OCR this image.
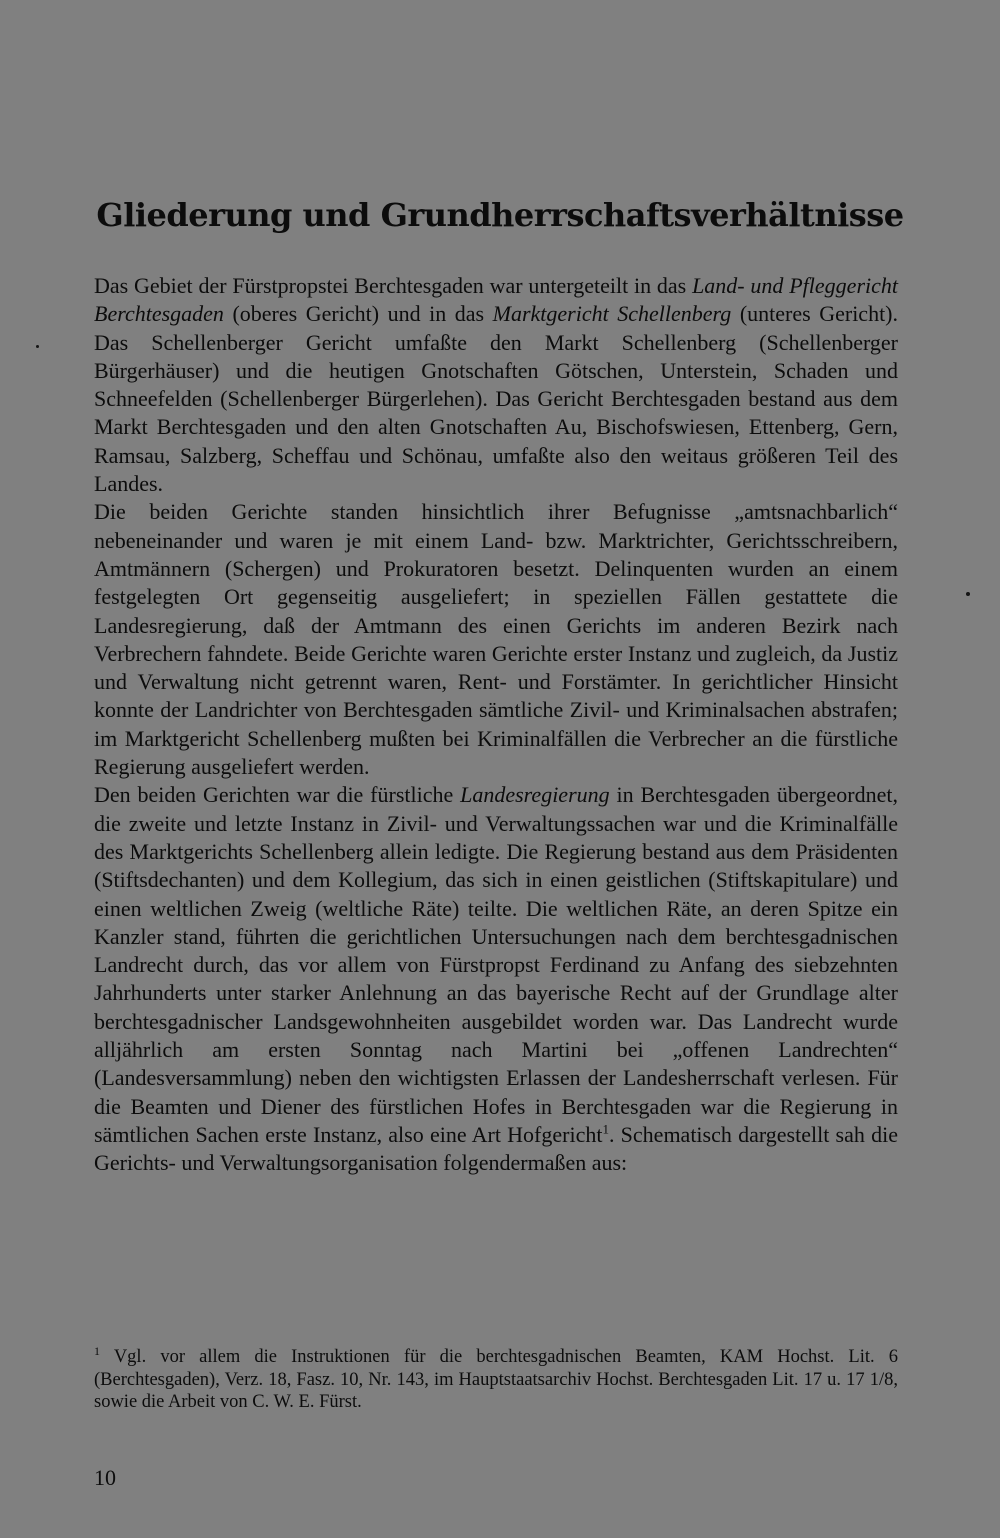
Gliederung und Grundherrschaftsverhältnisse

Das Gebiet der Fürstpropstei Berchtesgaden war untergeteilt in das Land- und Pfleggericht Berchtesgaden (oberes Gericht) und in das Marktgericht Schellenberg (unteres Gericht). Das Schellenberger Gericht umfaßte den Markt Schellenberg (Schellenberger Bürgerhäuser) und die heutigen Gnotschaften Götschen, Unterstein, Schaden und Schneefelden (Schellenberger Bürgerlehen). Das Gericht Berchtesgaden bestand aus dem Markt Berchtesgaden und den alten Gnotschaften Au, Bischofswiesen, Ettenberg, Gern, Ramsau, Salzberg, Scheffau und Schönau, umfaßte also den weitaus größeren Teil des Landes.

Die beiden Gerichte standen hinsichtlich ihrer Befugnisse „amtsnachbarlich“ nebeneinander und waren je mit einem Land- bzw. Marktrichter, Gerichtsschreibern, Amtmännern (Schergen) und Prokuratoren besetzt. Delinquenten wurden an einem festgelegten Ort gegenseitig ausgeliefert; in speziellen Fällen gestattete die Landesregierung, daß der Amtmann des einen Gerichts im anderen Bezirk nach Verbrechern fahndete. Beide Gerichte waren Gerichte erster Instanz und zugleich, da Justiz und Verwaltung nicht getrennt waren, Rent- und Forstämter. In gerichtlicher Hinsicht konnte der Landrichter von Berchtesgaden sämtliche Zivil- und Kriminalsachen abstrafen; im Marktgericht Schellenberg mußten bei Kriminalfällen die Verbrecher an die fürstliche Regierung ausgeliefert werden.

Den beiden Gerichten war die fürstliche Landesregierung in Berchtesgaden übergeordnet, die zweite und letzte Instanz in Zivil- und Verwaltungssachen war und die Kriminalfälle des Marktgerichts Schellenberg allein ledigte. Die Regierung bestand aus dem Präsidenten (Stiftsdechanten) und dem Kollegium, das sich in einen geistlichen (Stiftskapitulare) und einen weltlichen Zweig (weltliche Räte) teilte. Die weltlichen Räte, an deren Spitze ein Kanzler stand, führten die gerichtlichen Untersuchungen nach dem berchtesgadnischen Landrecht durch, das vor allem von Fürstpropst Ferdinand zu Anfang des siebzehnten Jahrhunderts unter starker Anlehnung an das bayerische Recht auf der Grundlage alter berchtesgadnischer Landsgewohnheiten ausgebildet worden war. Das Landrecht wurde alljährlich am ersten Sonntag nach Martini bei „offenen Landrechten“ (Landesversammlung) neben den wichtigsten Erlassen der Landesherrschaft verlesen. Für die Beamten und Diener des fürstlichen Hofes in Berchtesgaden war die Regierung in sämtlichen Sachen erste Instanz, also eine Art Hofgericht$^1$. Schematisch dargestellt sah die Gerichts- und Verwaltungsorganisation folgendermaßen aus:

$^1$ Vgl. vor allem die Instruktionen für die berchtesgadnischen Beamten, KAM Hochst. Lit. 6 (Berchtesgaden), Verz. 18, Fasz. 10, Nr. 143, im Hauptstaatsarchiv Hochst. Berchtesgaden Lit. 17 u. 17 1/8, sowie die Arbeit von C. W. E. Fürst.
10
